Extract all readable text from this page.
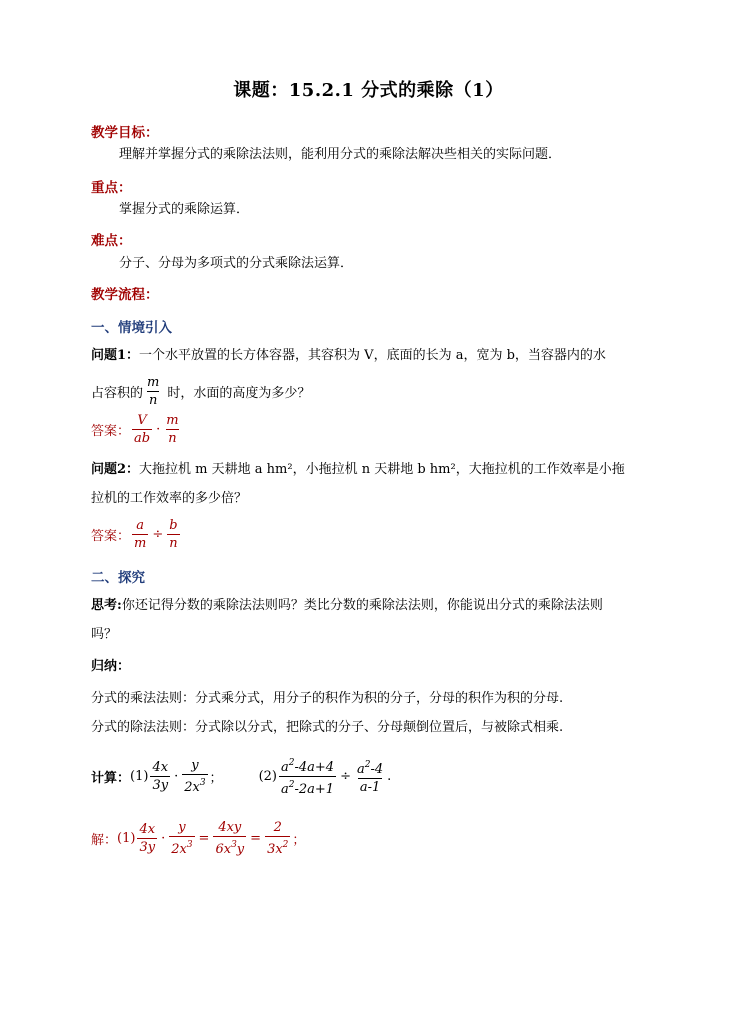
课题：15.2.1 分式的乘除（1）
教学目标：
理解并掌握分式的乘除法法则，能利用分式的乘除法解决些相关的实际问题．
重点：
掌握分式的乘除运算．
难点：
分子、分母为多项式的分式乘除法运算．
教学流程：
一、情境引入
问题1：一个水平放置的长方体容器，其容积为 V，底面的长为 a，宽为 b，当容器内的水
占容积的 $\frac{m}{n}$ 时，水面的高度为多少？
答案： $\frac{V}{ab} \cdot \frac{m}{n}$
问题2：大拖拉机 m 天耕地 a hm²，小拖拉机 n 天耕地 b hm²，大拖拉机的工作效率是小拖
拉机的工作效率的多少倍？
答案： $\frac{a}{m} \div \frac{b}{n}$
二、探究
思考:你还记得分数的乘除法法则吗？类比分数的乘除法法则，你能说出分式的乘除法法则
吗？
归纳：
分式的乘法法则：分式乘分式，用分子的积作为积的分子，分母的积作为积的分母.
分式的除法法则：分式除以分式，把除式的分子、分母颠倒位置后，与被除式相乘.
计算： $(1) \frac{4x}{3y} \cdot \frac{y}{2x^3}$ ；	$(2) \frac{a^2-4a+4}{a^2-2a+1} \div \frac{a^2-4}{a-1}$ .
解： $(1) \frac{4x}{3y} \cdot \frac{y}{2x^3} = \frac{4xy}{6x^3y} = \frac{2}{3x^2}$ ；
